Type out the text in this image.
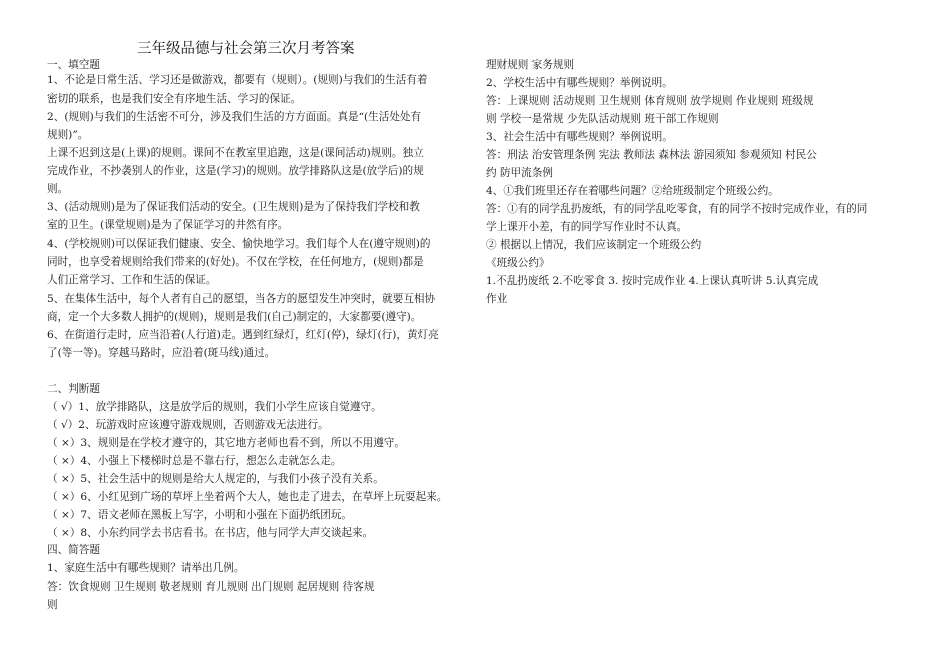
三年级品德与社会第三次月考答案
一、填空题
1、不论是日常生活、学习还是做游戏，都要有（规则）。(规则)与我们的生活有着
密切的联系，也是我们安全有序地生活、学习的保证。
2、(规则)与我们的生活密不可分，涉及我们生活的方方面面。真是“(生活处处有
规则)”。
上课不迟到这是(上课)的规则。课间不在教室里追跑，这是(课间活动)规则。独立
完成作业，不抄袭别人的作业，这是(学习)的规则。放学排路队这是(放学后)的规
则。
3、(活动规则)是为了保证我们活动的安全。(卫生规则)是为了保持我们学校和教
室的卫生。(课堂规则)是为了保证学习的井然有序。
4、(学校规则)可以保证我们健康、安全、愉快地学习。我们每个人在(遵守规则)的
同时，也享受着规则给我们带来的(好处)。不仅在学校，在任何地方，(规则)都是
人们正常学习、工作和生活的保证。
5、在集体生活中，每个人者有自己的愿望，当各方的愿望发生冲突时，就要互相协
商，定一个大多数人拥护的(规则)，规则是我们(自己)制定的，大家都要(遵守)。
6、在街道行走时，应当沿着(人行道)走。遇到红绿灯，红灯(停)，绿灯(行)，黄灯亮
了(等一等)。穿越马路时，应沿着(斑马线)通过。
二、判断题
（ √）1、放学排路队，这是放学后的规则，我们小学生应该自觉遵守。
（ √）2、玩游戏时应该遵守游戏规则，否则游戏无法进行。
（ ×）3、规则是在学校才遵守的，其它地方老师也看不到，所以不用遵守。
（ ×）4、小强上下楼梯时总是不靠右行，想怎么走就怎么走。
（ ×）5、社会生活中的规则是给大人规定的，与我们小孩子没有关系。
（ ×）6、小红见到广场的草坪上坐着两个大人，她也走了进去，在草坪上玩耍起来。
（ ×）7、语文老师在黑板上写字，小明和小强在下面扔纸团玩。
（ ×）8、小东约同学去书店看书。在书店，他与同学大声交谈起来。
四、简答题
1、家庭生活中有哪些规则？请举出几例。
答：饮食规则 卫生规则 敬老规则 育儿规则 出门规则 起居规则 待客规
则
理财规则 家务规则
2、学校生活中有哪些规则？举例说明。
答：上课规则 活动规则 卫生规则 体育规则 放学规则 作业规则 班级规
则 学校一是常规 少先队活动规则 班干部工作规则
3、社会生活中有哪些规则？举例说明。
答：刑法 治安管理条例 宪法 教师法 森林法 游园须知 参观须知 村民公
约 防甲流条例
4、①我们班里还存在着哪些问题？②给班级制定个班级公约。
答：①有的同学乱扔废纸，有的同学乱吃零食，有的同学不按时完成作业，有的同
学上课开小差，有的同学写作业时不认真。
② 根据以上情况，我们应该制定一个班级公约
《班级公约》
1.不乱扔废纸 2.不吃零食 3. 按时完成作业 4.上课认真听讲 5.认真完成
作业
